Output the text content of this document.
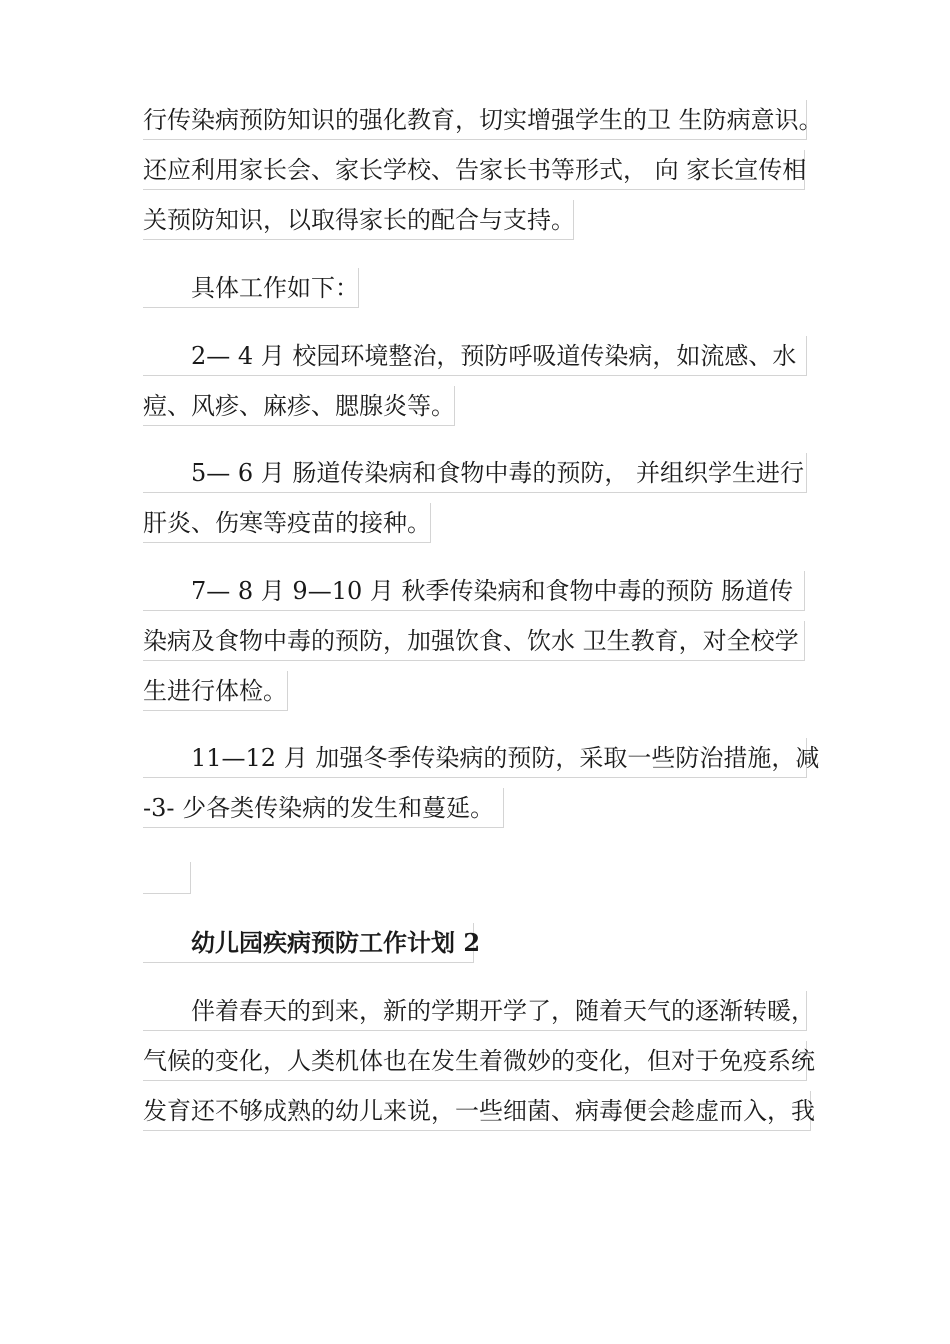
行传染病预防知识的强化教育，切实增强学生的卫 生防病意识。
还应利用家长会、家长学校、告家长书等形式， 向 家长宣传相
关预防知识，以取得家长的配合与支持。
具体工作如下：
2— 4 月 校园环境整治，预防呼吸道传染病，如流感、水
痘、风疹、麻疹、腮腺炎等。
5— 6 月 肠道传染病和食物中毒的预防， 并组织学生进行
肝炎、伤寒等疫苗的接种。
7— 8 月 9—10 月 秋季传染病和食物中毒的预防 肠道传
染病及食物中毒的预防，加强饮食、饮水 卫生教育，对全校学
生进行体检。
11—12 月 加强冬季传染病的预防，采取一些防治措施，减
-3- 少各类传染病的发生和蔓延。
幼儿园疾病预防工作计划 2
伴着春天的到来，新的学期开学了，随着天气的逐渐转暖，
气候的变化，人类机体也在发生着微妙的变化，但对于免疫系统
发育还不够成熟的幼儿来说，一些细菌、病毒便会趁虚而入，我
